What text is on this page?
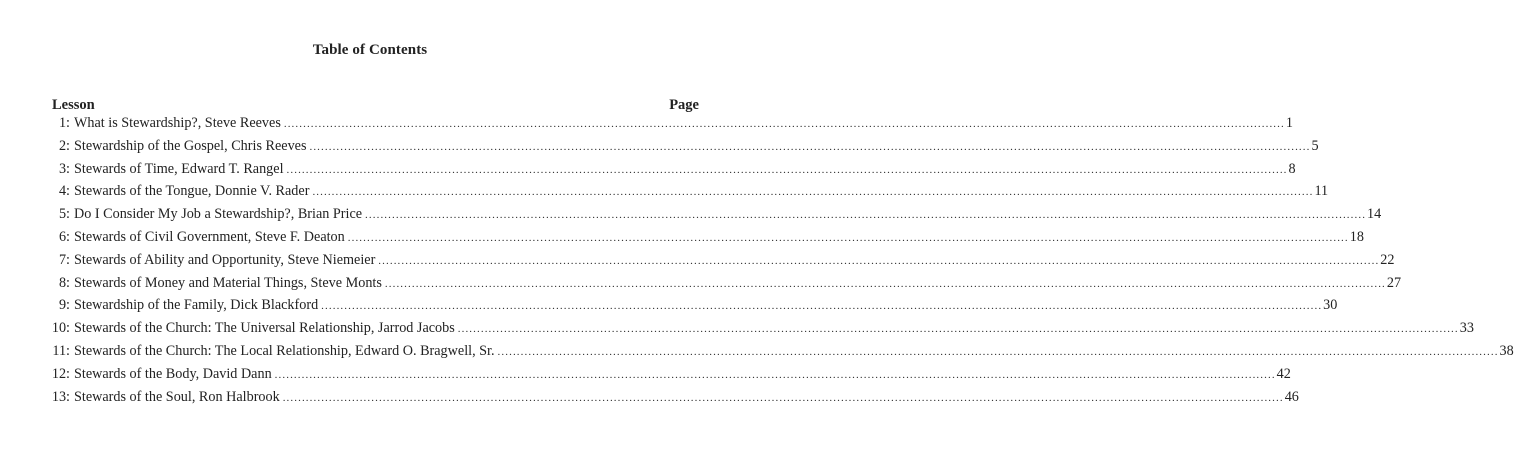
Table of Contents
Lesson	Page
1: What is Stewardship?, Steve Reeves .................................................................................................................................................................................................................................................................... 1
2: Stewardship of the Gospel, Chris Reeves .................................................................................................................................................................................................................................................................... 5
3: Stewards of Time, Edward T. Rangel .................................................................................................................................................................................................................................................................... 8
4: Stewards of the Tongue, Donnie V. Rader .................................................................................................................................................................................................................................................................... 11
5: Do I Consider My Job a Stewardship?, Brian Price .................................................................................................................................................................................................................................................................... 14
6: Stewards of Civil Government, Steve F. Deaton .................................................................................................................................................................................................................................................................... 18
7: Stewards of Ability and Opportunity, Steve Niemeier .................................................................................................................................................................................................................................................................... 22
8: Stewards of Money and Material Things, Steve Monts .................................................................................................................................................................................................................................................................... 27
9: Stewardship of the Family, Dick Blackford .................................................................................................................................................................................................................................................................... 30
10: Stewards of the Church: The Universal Relationship, Jarrod Jacobs .................................................................................................................................................................................................................................................................... 33
11: Stewards of the Church: The Local Relationship, Edward O. Bragwell, Sr. .................................................................................................................................................................................................................................................................... 38
12: Stewards of the Body, David Dann .................................................................................................................................................................................................................................................................... 42
13: Stewards of the Soul, Ron Halbrook .................................................................................................................................................................................................................................................................... 46
